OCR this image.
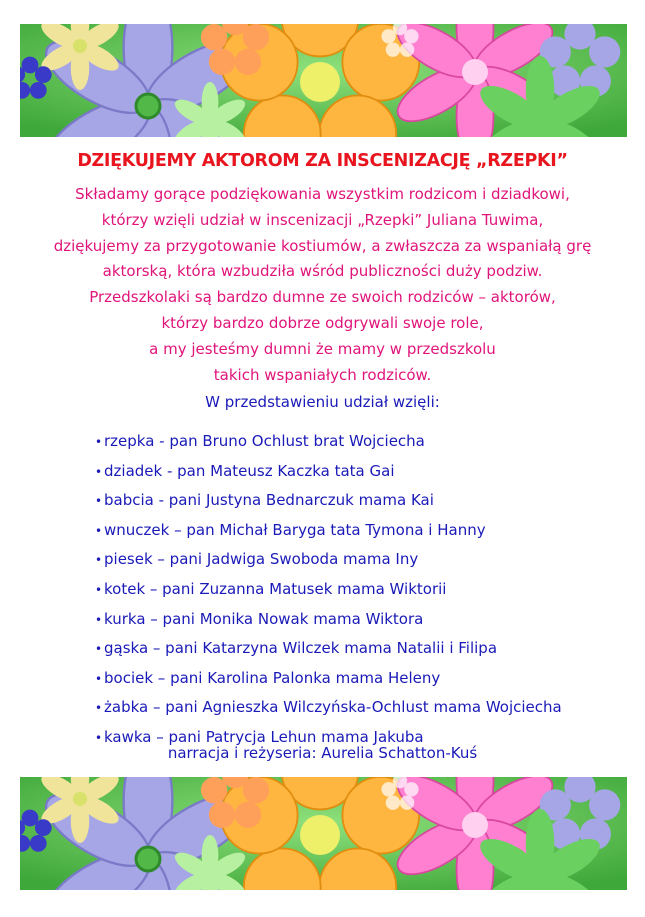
DZIĘKUJEMY AKTOROM ZA INSCENIZACJĘ „RZEPKI”
Składamy gorące podziękowania wszystkim rodzicom i dziadkowi,
którzy wzięli udział w inscenizacji „Rzepki” Juliana Tuwima,
dziękujemy za przygotowanie kostiumów, a zwłaszcza za wspaniałą grę
aktorską, która wzbudziła wśród publiczności duży podziw.
Przedszkolaki są bardzo dumne ze swoich rodziców – aktorów,
którzy bardzo dobrze odgrywali swoje role,
a my jesteśmy dumni że mamy w przedszkolu
takich wspaniałych rodziców.
W przedstawieniu udział wzięli:
• rzepka - pan Bruno Ochlust brat Wojciecha
• dziadek - pan Mateusz Kaczka tata Gai
• babcia - pani Justyna Bednarczuk mama Kai
• wnuczek – pan Michał Baryga tata Tymona i Hanny
• piesek – pani Jadwiga Swoboda mama Iny
• kotek – pani Zuzanna Matusek mama Wiktorii
• kurka – pani Monika Nowak mama Wiktora
• gąska – pani Katarzyna Wilczek mama Natalii i Filipa
• bociek – pani Karolina Palonka mama Heleny
• żabka – pani Agnieszka Wilczyńska-Ochlust mama Wojciecha
• kawka – pani Patrycja Lehun mama Jakuba
narracja i reżyseria: Aurelia Schatton-Kuś
